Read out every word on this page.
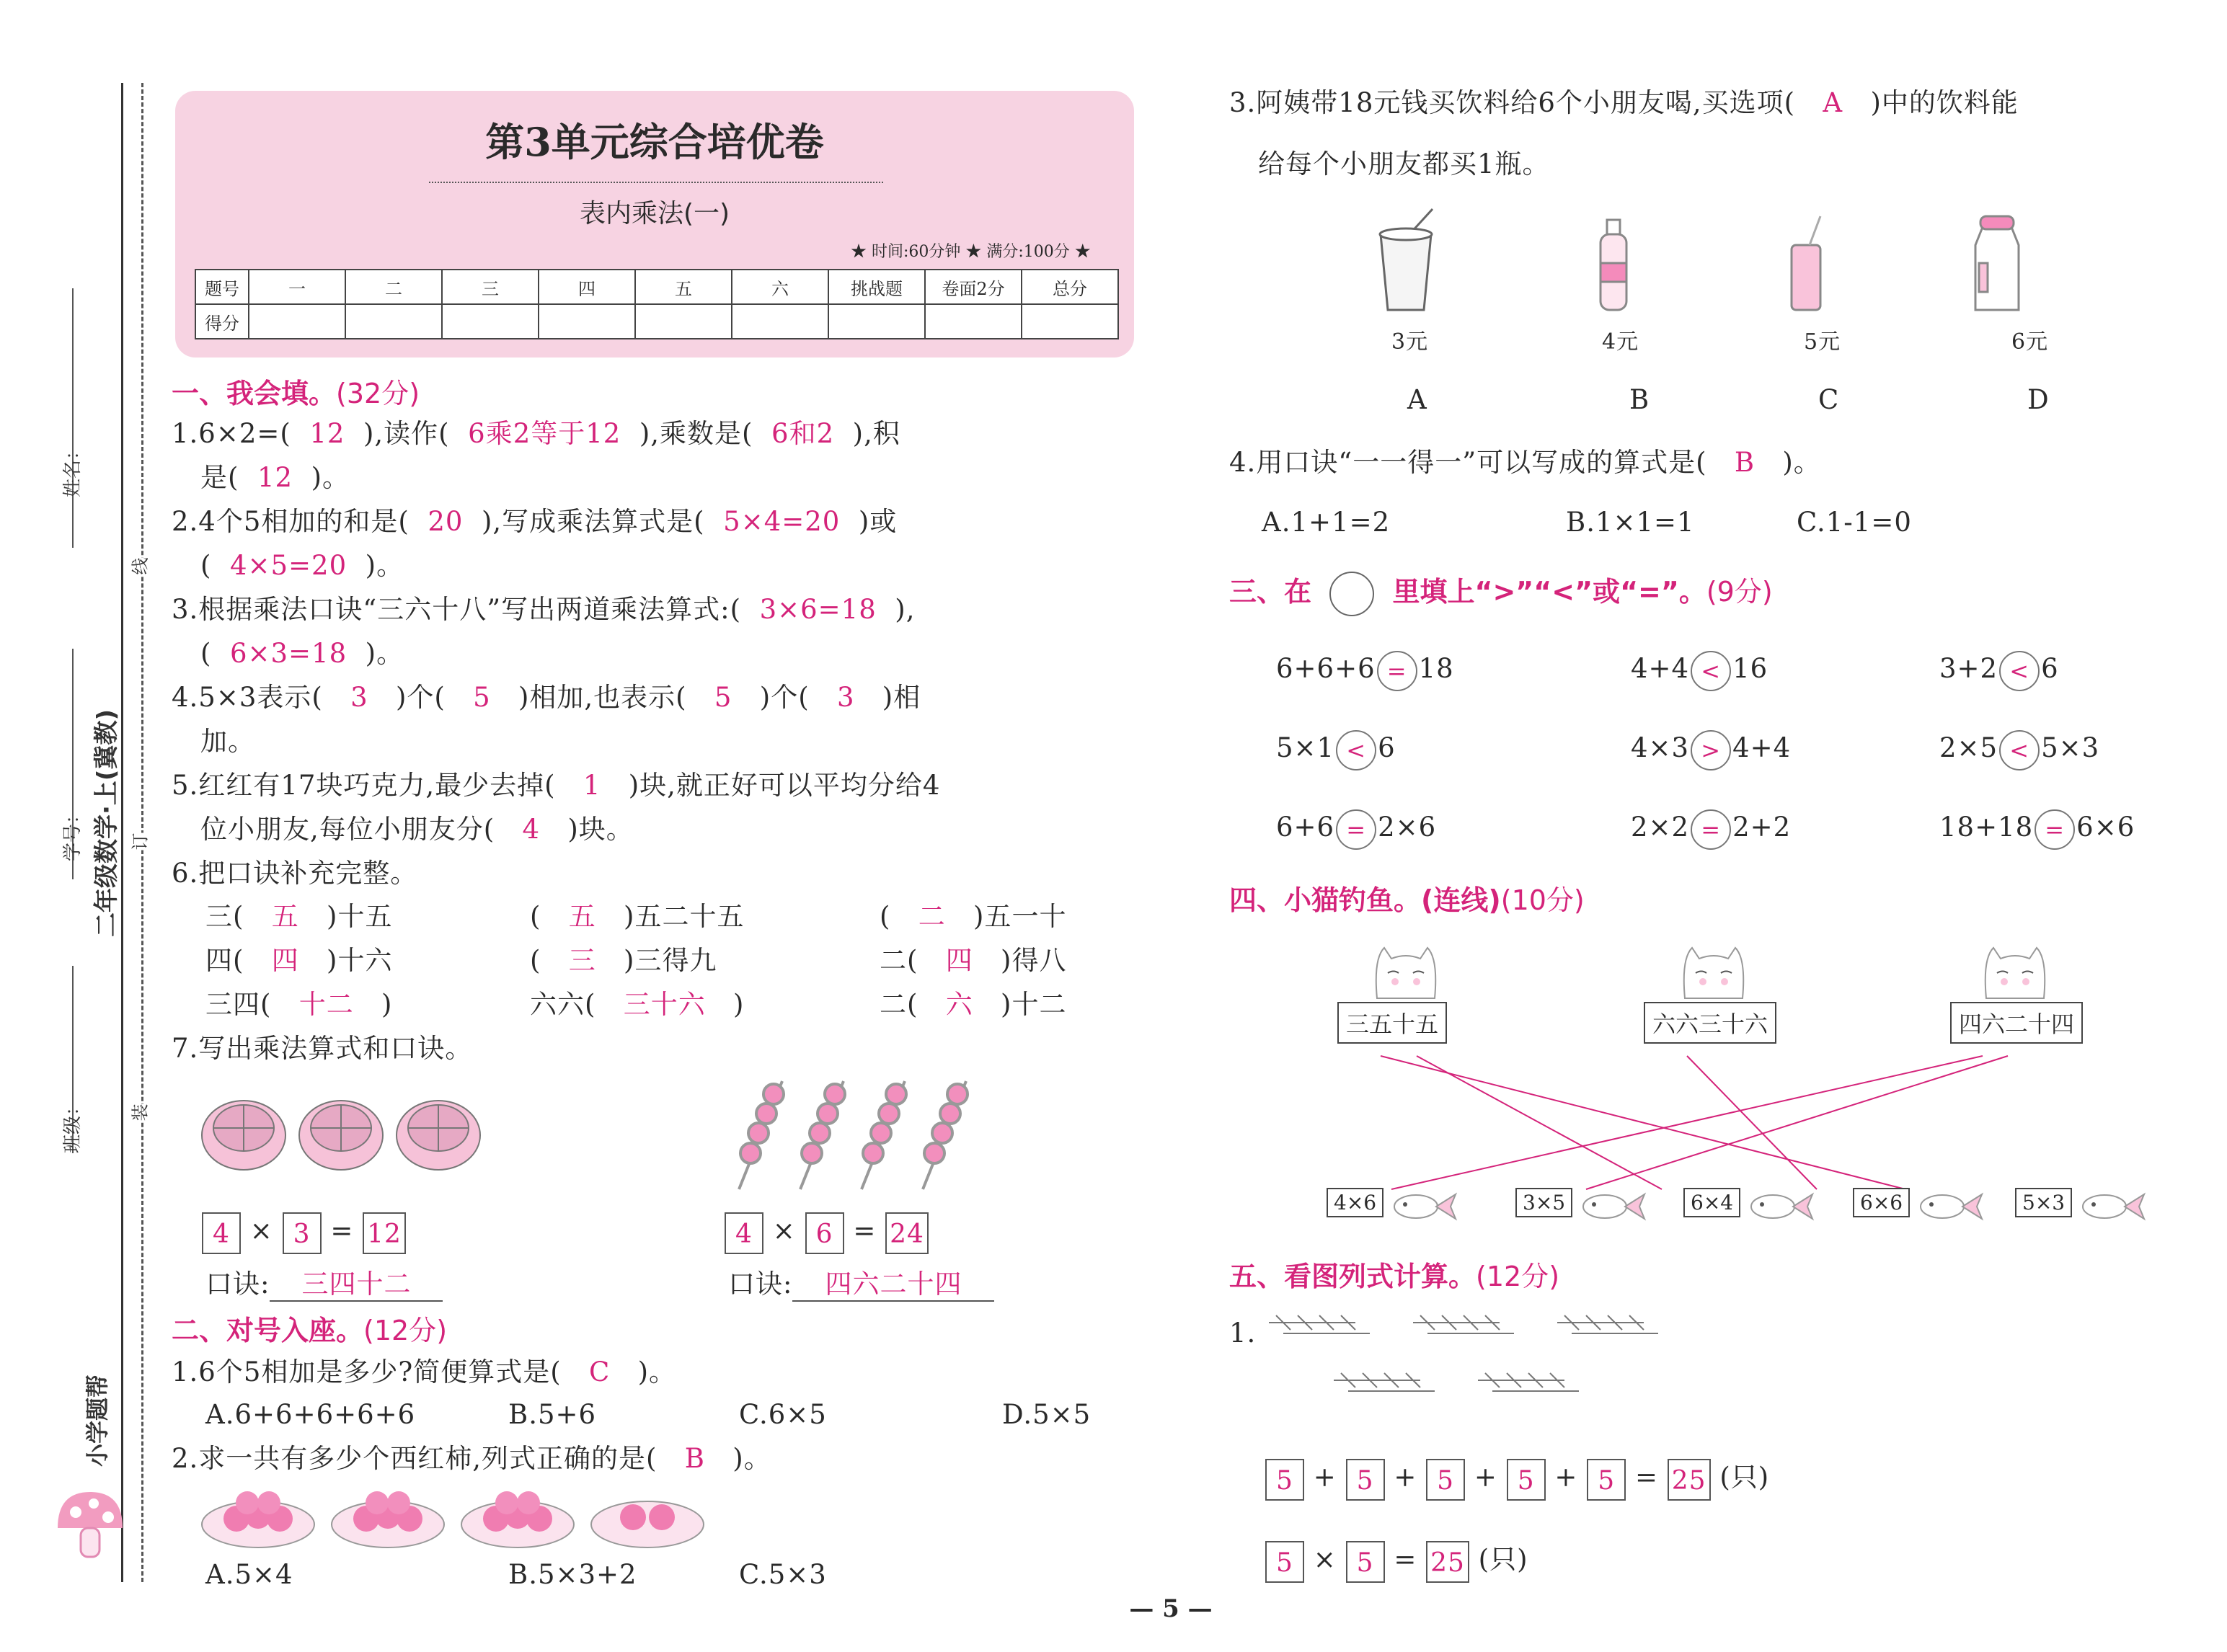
线
订
装
姓名：
学号： 二年级数学·上(冀教)
班级：
小学题帮
第3单元综合培优卷
表内乘法(一)
★ 时间:60分钟 ★ 满分:100分 ★
题号	一	二	三	四	五	六	挑战题	卷面2分	总分
得分									
一、我会填。(32分)
1.6×2=( 12 ),读作( 6乘2等于12 ),乘数是( 6和2 ),积
是( 12 )。
2.4个5相加的和是( 20 ),写成乘法算式是( 5×4=20 )或
( 4×5=20 )。
3.根据乘法口诀“三六十八”写出两道乘法算式:( 3×6=18 ),
( 6×3=18 )。
4.5×3表示( 3 )个( 5 )相加,也表示( 5 )个( 3 )相
加。
5.红红有17块巧克力,最少去掉( 1 )块,就正好可以平均分给4
位小朋友,每位小朋友分( 4 )块。
6.把口诀补充完整。
三( 五 )十五	( 五 )五二十五	( 二 )五一十
四( 四 )十六	( 三 )三得九	二( 四 )得八
三四( 十二 )	六六( 三十六 )	二( 六 )十二
7.写出乘法算式和口诀。
4 × 3 = 12	4 × 6 = 24
口诀: 三四十二	口诀: 四六二十四
二、对号入座。(12分)
1.6个5相加是多少?简便算式是( C )。
A.6+6+6+6+6	B.5+6	C.6×5	D.5×5
2.求一共有多少个西红柿,列式正确的是( B )。
A.5×4	B.5×3+2	C.5×3
3.阿姨带18元钱买饮料给6个小朋友喝,买选项( A )中的饮料能
给每个小朋友都买1瓶。
3元	4元	5元	6元
A	B	C	D
4.用口诀“一一得一”可以写成的算式是( B )。
A.1+1=2	B.1×1=1	C.1-1=0
三、在	里填上“>”“<”或“=”。(9分)
6+6+6 = 18	4+4 < 16	3+2 < 6
5×1 < 6	4×3 > 4+4	2×5 < 5×3
6+6 = 2×6	2×2 = 2+2	18+18 = 6×6
四、小猫钓鱼。(连线)(10分)
三五十五	六六三十六	四六二十四
4×6	3×5	6×4	6×6	5×3
五、看图列式计算。(12分)
1.
5 + 5 + 5 + 5 + 5 = 25 (只)
5 × 5 = 25 (只)
— 5 —
